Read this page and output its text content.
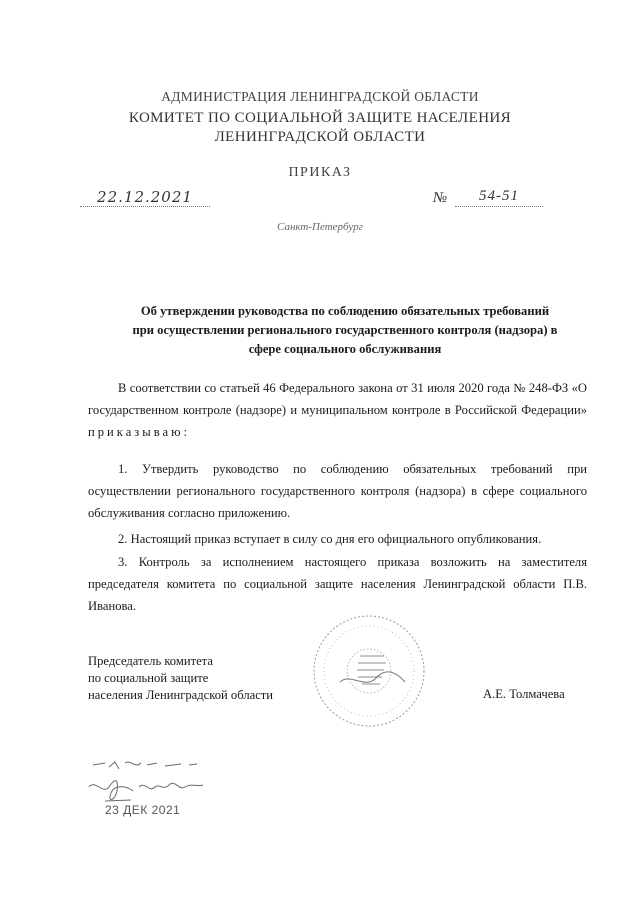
АДМИНИСТРАЦИЯ ЛЕНИНГРАДСКОЙ ОБЛАСТИ
КОМИТЕТ ПО СОЦИАЛЬНОЙ ЗАЩИТЕ НАСЕЛЕНИЯ
ЛЕНИНГРАДСКОЙ ОБЛАСТИ
ПРИКАЗ
22.12.2021	№	54-51
Санкт-Петербург
Об утверждении руководства по соблюдению обязательных требований
при осуществлении регионального государственного контроля (надзора) в
сфере социального обслуживания
В соответствии со статьей 46 Федерального закона от 31 июля 2020 года № 248-ФЗ «О государственном контроле (надзоре) и муниципальном контроле в Российской Федерации» приказываю:
1. Утвердить руководство по соблюдению обязательных требований при осуществлении регионального государственного контроля (надзора) в сфере социального обслуживания согласно приложению.
2. Настоящий приказ вступает в силу со дня его официального опубликования.
3. Контроль за исполнением настоящего приказа возложить на заместителя председателя комитета по социальной защите населения Ленинградской области П.В. Иванова.
Председатель комитета
по социальной защите
населения Ленинградской области	А.Е. Толмачева
23 ДЕК 2021
